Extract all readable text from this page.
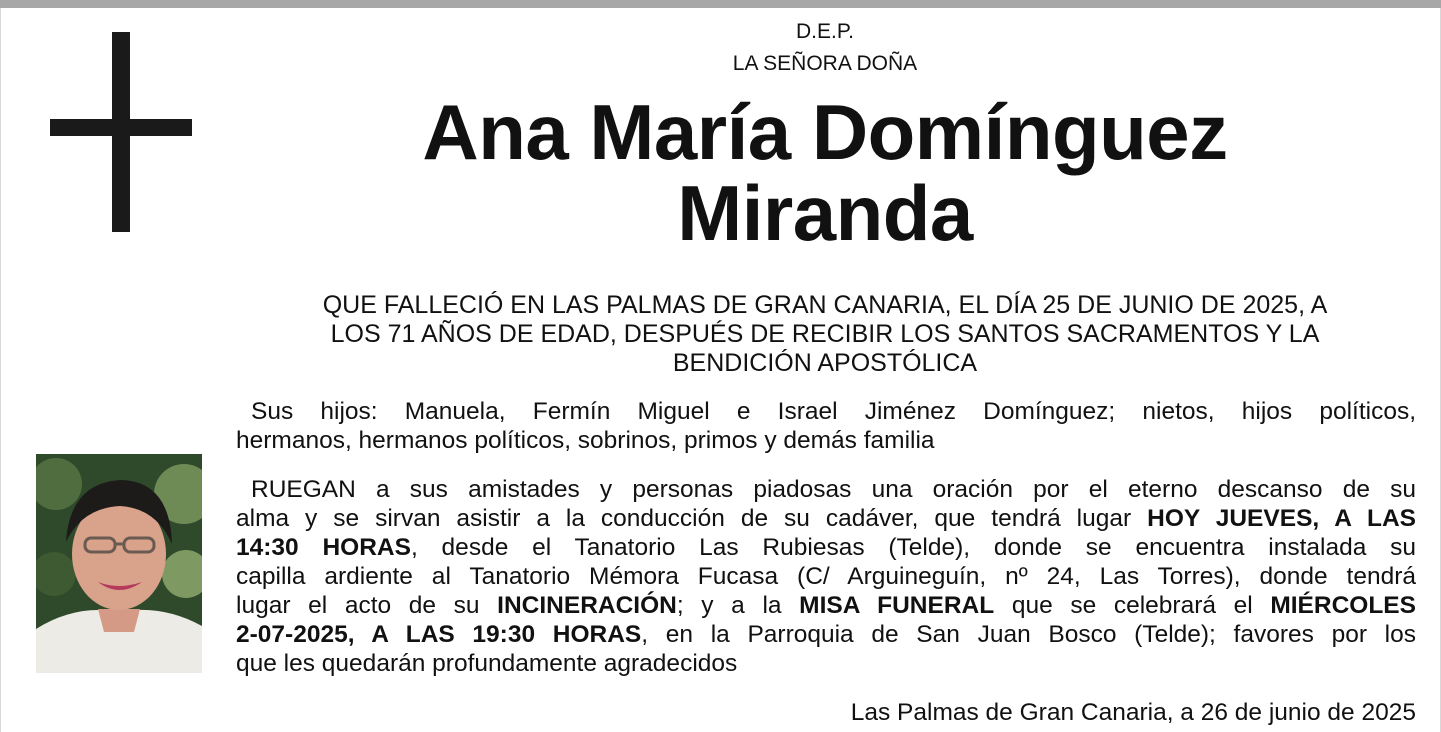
D.E.P.
LA SEÑORA DOÑA
Ana María Domínguez
Miranda
QUE FALLECIÓ EN LAS PALMAS DE GRAN CANARIA, EL DÍA 25 DE JUNIO DE 2025, A
LOS 71 AÑOS DE EDAD, DESPUÉS DE RECIBIR LOS SANTOS SACRAMENTOS Y LA
BENDICIÓN APOSTÓLICA
Sus hijos: Manuela, Fermín Miguel e Israel Jiménez Domínguez; nietos, hijos políticos,
hermanos, hermanos políticos, sobrinos, primos y demás familia
RUEGAN a sus amistades y personas piadosas una oración por el eterno descanso de su
alma y se sirvan asistir a la conducción de su cadáver, que tendrá lugar HOY JUEVES, A LAS
14:30 HORAS, desde el Tanatorio Las Rubiesas (Telde), donde se encuentra instalada su
capilla ardiente al Tanatorio Mémora Fucasa (C/ Arguineguín, nº 24, Las Torres), donde tendrá
lugar el acto de su INCINERACIÓN; y a la MISA FUNERAL que se celebrará el MIÉRCOLES
2-07-2025, A LAS 19:30 HORAS, en la Parroquia de San Juan Bosco (Telde); favores por los
que les quedarán profundamente agradecidos
Las Palmas de Gran Canaria, a 26 de junio de 2025
